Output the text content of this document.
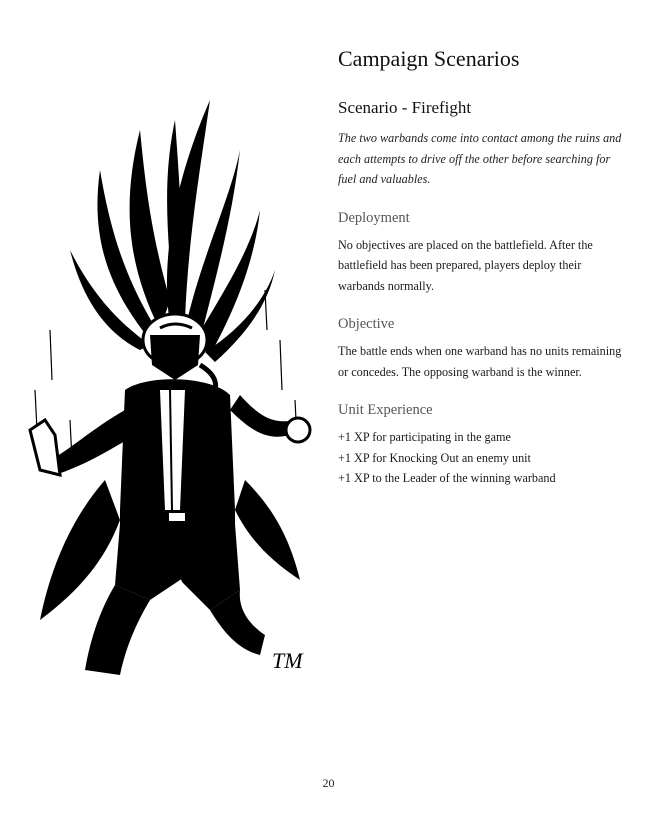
TM
Campaign Scenarios
Scenario - Firefight

The two warbands come into contact among the ruins and each attempts to drive off the other before searching for fuel and valuables.

Deployment

No objectives are placed on the battlefield. After the battlefield has been prepared, players deploy their warbands normally.

Objective

The battle ends when one warband has no units remaining or concedes. The opposing warband is the winner.

Unit Experience
+1 XP for participating in the game
+1 XP for Knocking Out an enemy unit
+1 XP to the Leader of the winning warband
20
